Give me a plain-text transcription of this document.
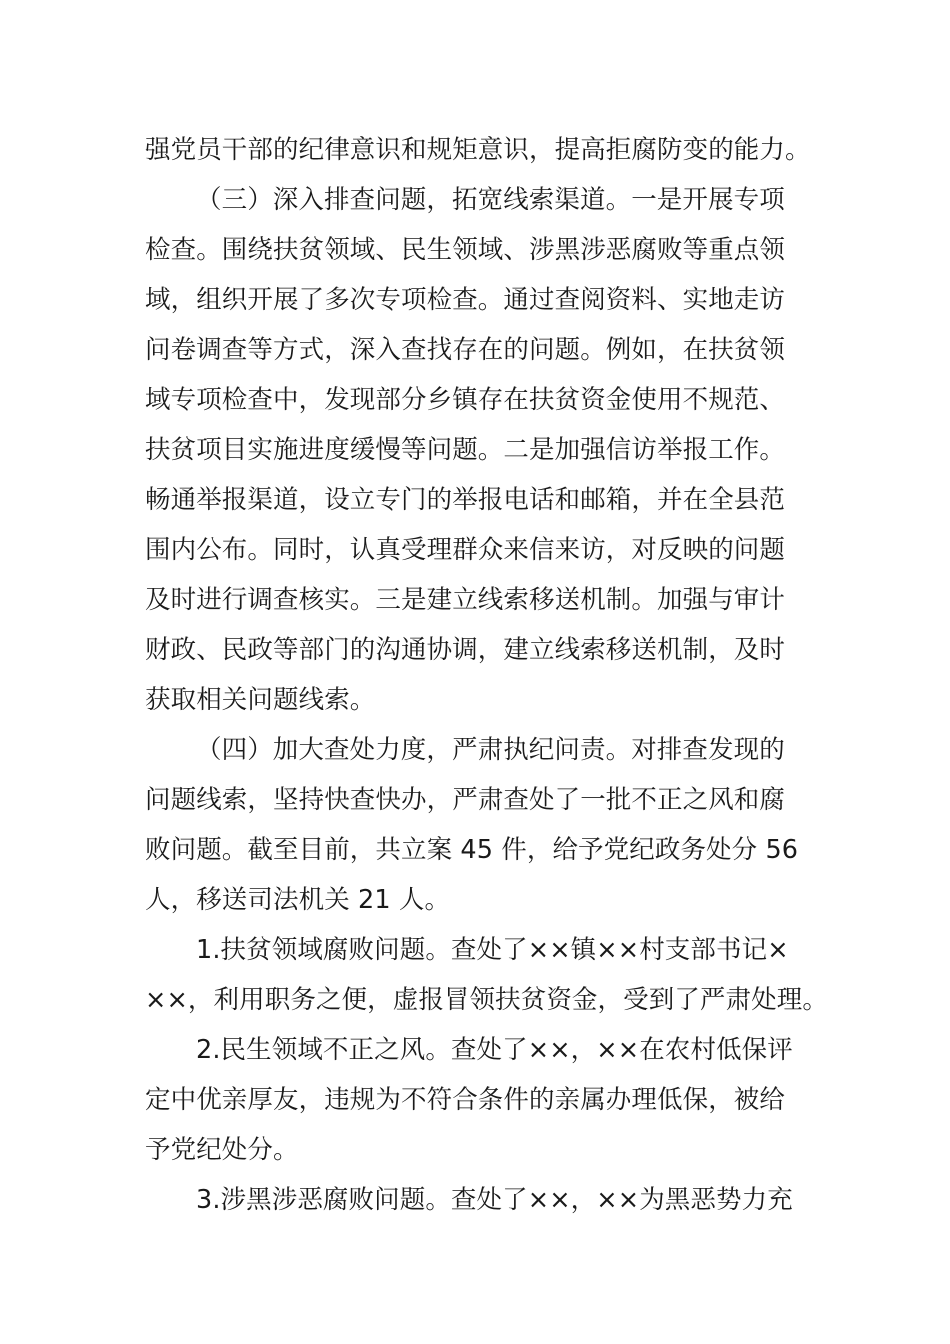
强党员干部的纪律意识和规矩意识，提高拒腐防变的能力。
（三）深入排查问题，拓宽线索渠道。一是开展专项
检查。围绕扶贫领域、民生领域、涉黑涉恶腐败等重点领
域，组织开展了多次专项检查。通过查阅资料、实地走访
问卷调查等方式，深入查找存在的问题。例如，在扶贫领
域专项检查中，发现部分乡镇存在扶贫资金使用不规范、
扶贫项目实施进度缓慢等问题。二是加强信访举报工作。
畅通举报渠道，设立专门的举报电话和邮箱，并在全县范
围内公布。同时，认真受理群众来信来访，对反映的问题
及时进行调查核实。三是建立线索移送机制。加强与审计
财政、民政等部门的沟通协调，建立线索移送机制，及时
获取相关问题线索。
（四）加大查处力度，严肃执纪问责。对排查发现的
问题线索，坚持快查快办，严肃查处了一批不正之风和腐
败问题。截至目前，共立案 45 件，给予党纪政务处分 56
人，移送司法机关 21 人。
1.扶贫领域腐败问题。查处了××镇××村支部书记×
××，利用职务之便，虚报冒领扶贫资金，受到了严肃处理。
2.民生领域不正之风。查处了××，××在农村低保评
定中优亲厚友，违规为不符合条件的亲属办理低保，被给
予党纪处分。
3.涉黑涉恶腐败问题。查处了××，××为黑恶势力充
